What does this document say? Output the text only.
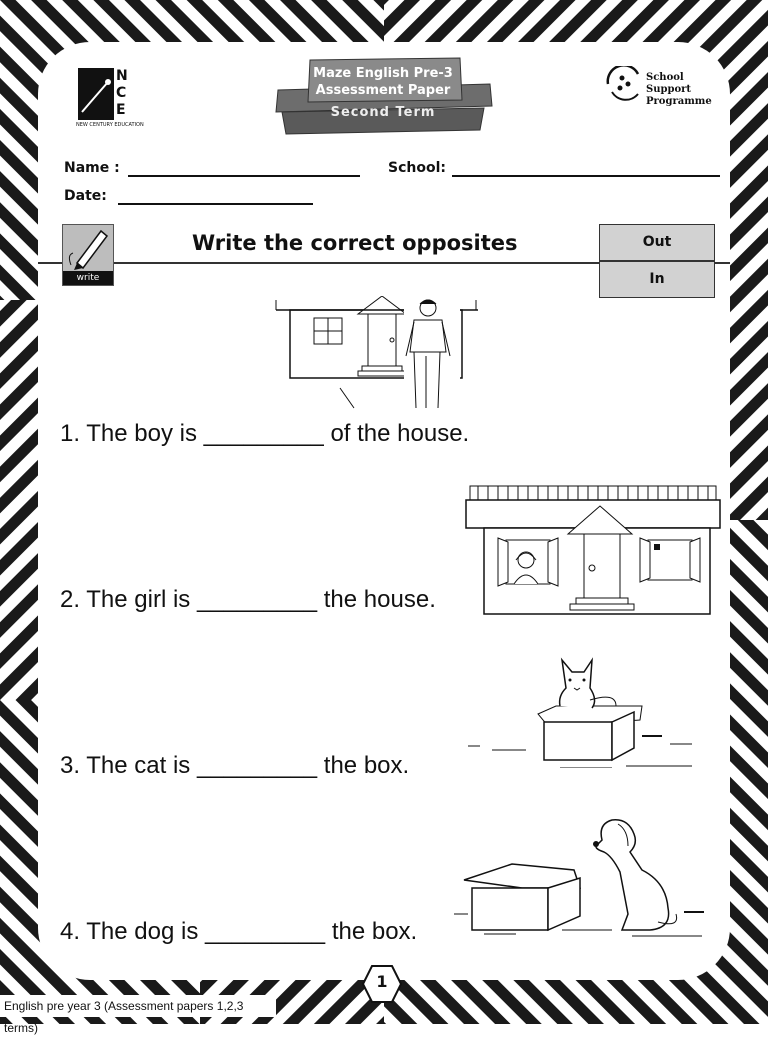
NCE
NEW CENTURY EDUCATION
Maze English Pre-3
Assessment Paper
Second Term
School
Support
Programme
Name :	School:
Date:
write
Write the correct opposites	Out
In
1. The boy is _________ of the house.
2. The girl is _________ the house.
3. The cat is _________ the box.
4. The dog is _________ the box.
1
English pre year 3 (Assessment papers 1,2,3 terms)
